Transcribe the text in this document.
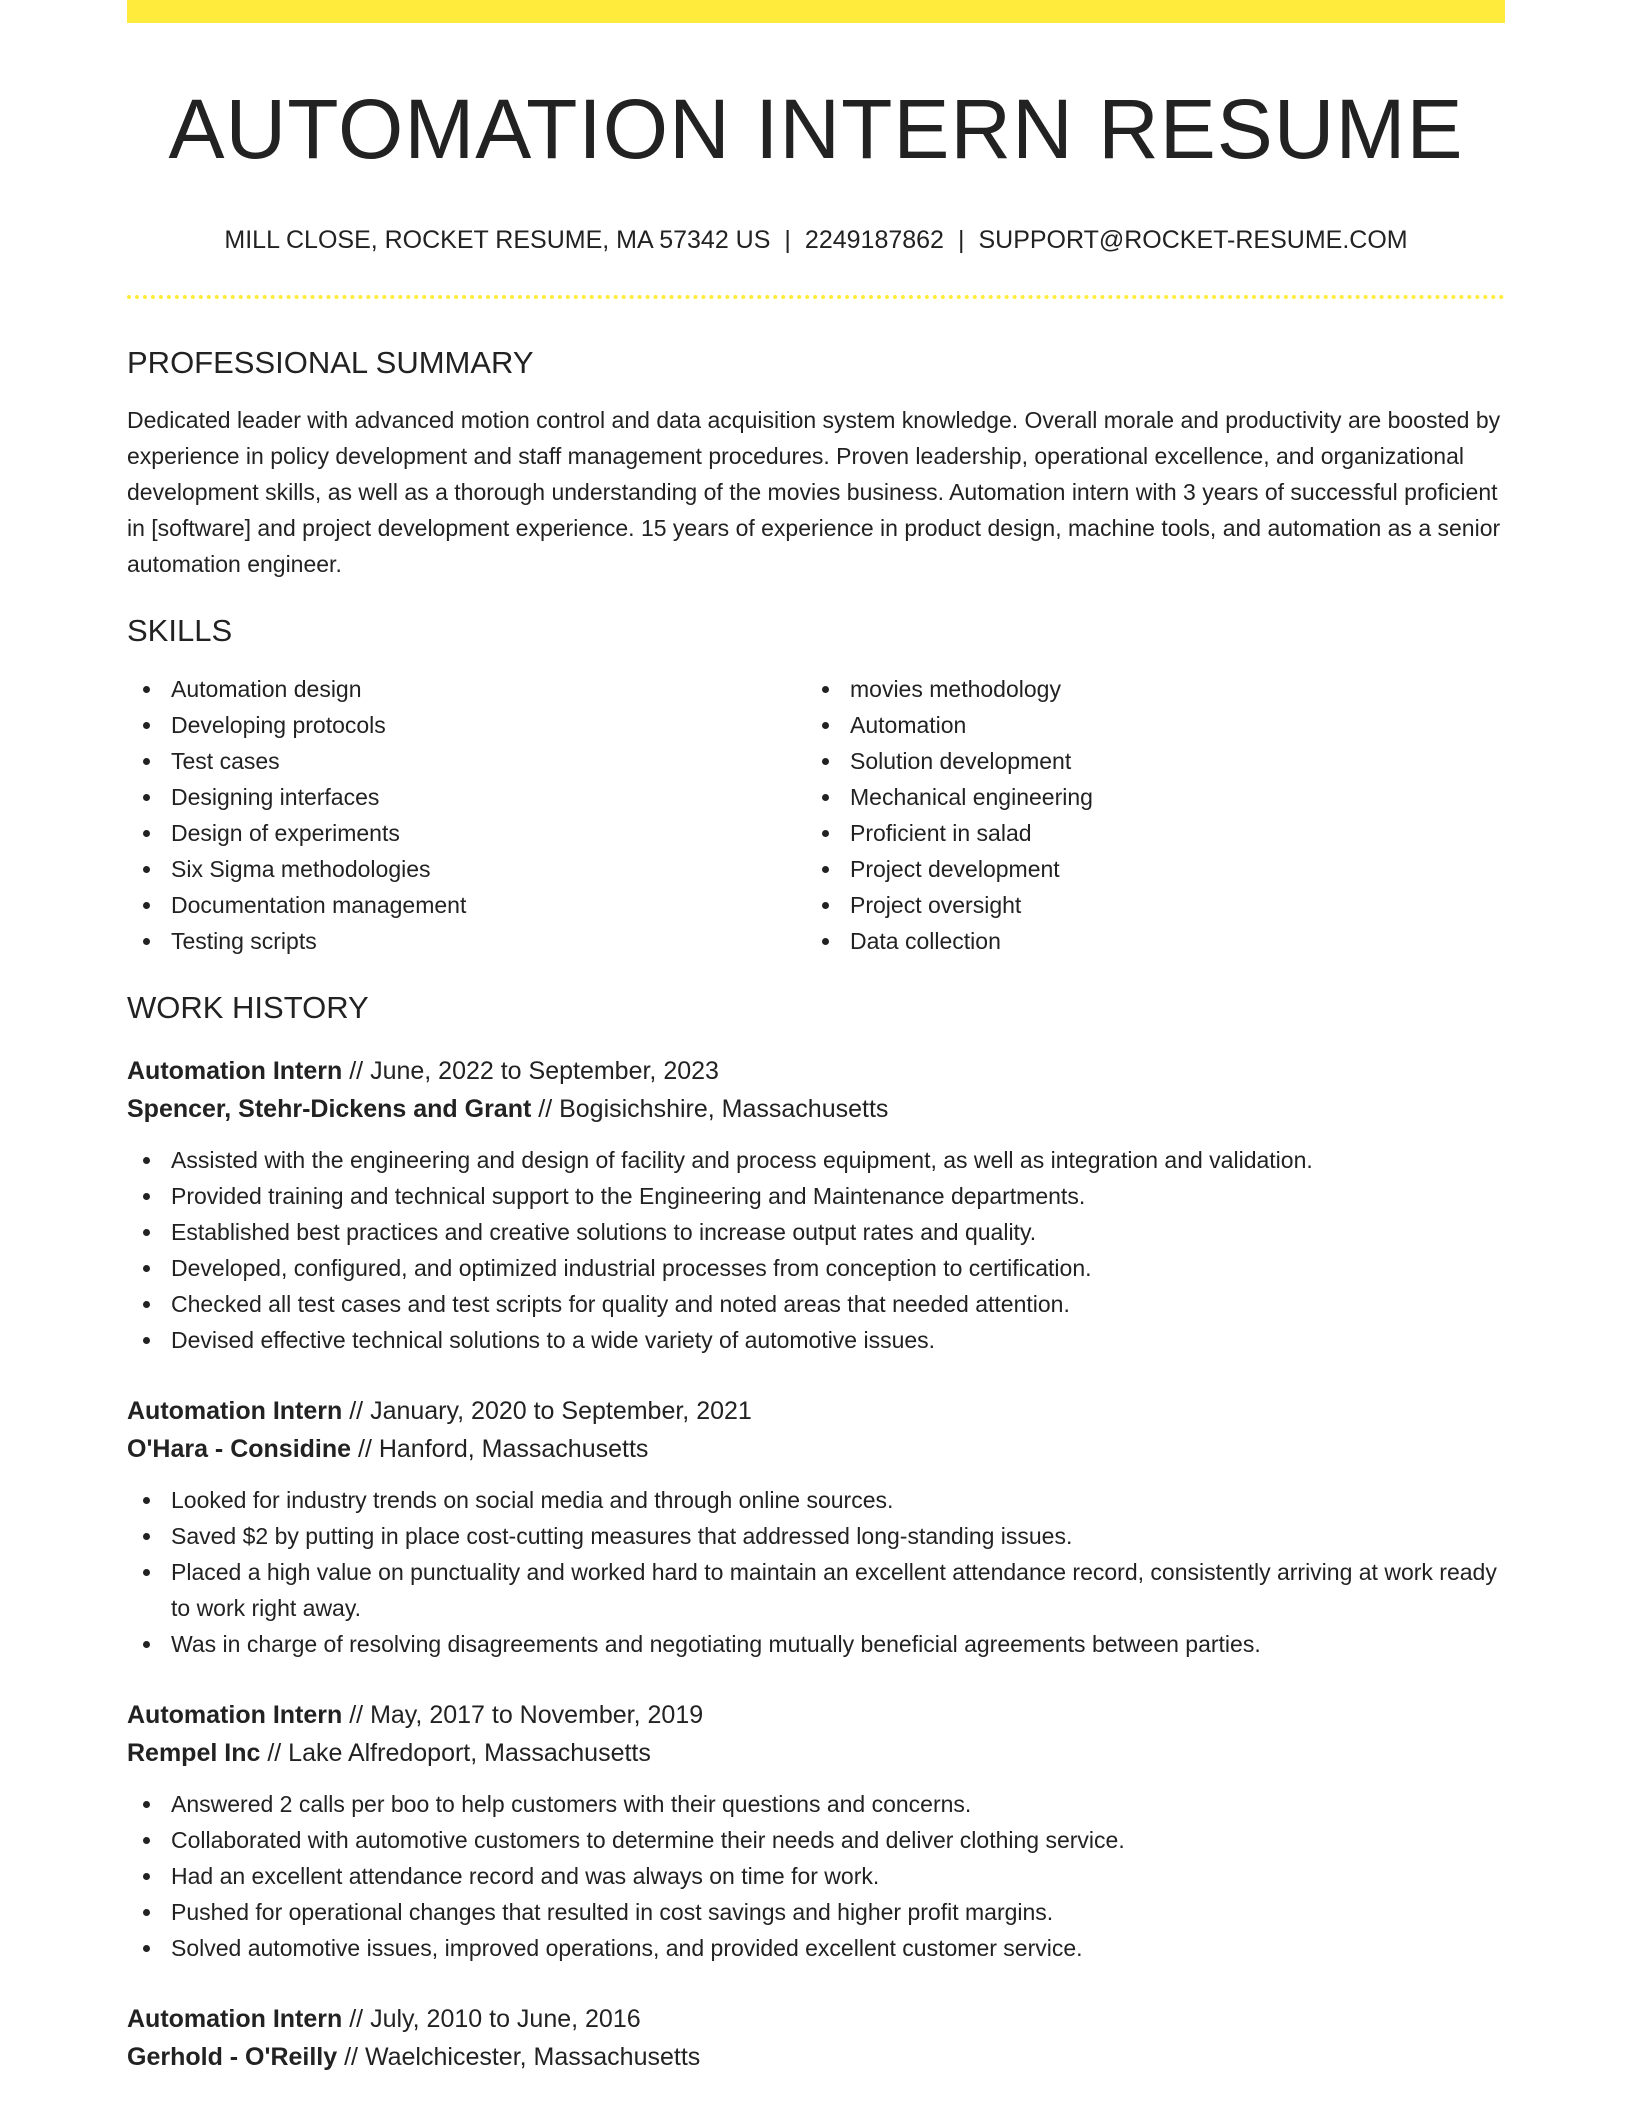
AUTOMATION INTERN RESUME
MILL CLOSE, ROCKET RESUME, MA 57342 US | 2249187862 | SUPPORT@ROCKET-RESUME.COM
PROFESSIONAL SUMMARY

Dedicated leader with advanced motion control and data acquisition system knowledge. Overall morale and productivity are boosted by experience in policy development and staff management procedures. Proven leadership, operational excellence, and organizational development skills, as well as a thorough understanding of the movies business. Automation intern with 3 years of successful proficient in [software] and project development experience. 15 years of experience in product design, machine tools, and automation as a senior automation engineer.

SKILLS
Automation design
Developing protocols
Test cases
Designing interfaces
Design of experiments
Six Sigma methodologies
Documentation management
Testing scripts
movies methodology
Automation
Solution development
Mechanical engineering
Proficient in salad
Project development
Project oversight
Data collection
WORK HISTORY
Automation Intern // June, 2022 to September, 2023
Spencer, Stehr-Dickens and Grant // Bogisichshire, Massachusetts
Assisted with the engineering and design of facility and process equipment, as well as integration and validation.
Provided training and technical support to the Engineering and Maintenance departments.
Established best practices and creative solutions to increase output rates and quality.
Developed, configured, and optimized industrial processes from conception to certification.
Checked all test cases and test scripts for quality and noted areas that needed attention.
Devised effective technical solutions to a wide variety of automotive issues.
Automation Intern // January, 2020 to September, 2021
O'Hara - Considine // Hanford, Massachusetts
Looked for industry trends on social media and through online sources.
Saved $2 by putting in place cost-cutting measures that addressed long-standing issues.
Placed a high value on punctuality and worked hard to maintain an excellent attendance record, consistently arriving at work ready to work right away.
Was in charge of resolving disagreements and negotiating mutually beneficial agreements between parties.
Automation Intern // May, 2017 to November, 2019
Rempel Inc // Lake Alfredoport, Massachusetts
Answered 2 calls per boo to help customers with their questions and concerns.
Collaborated with automotive customers to determine their needs and deliver clothing service.
Had an excellent attendance record and was always on time for work.
Pushed for operational changes that resulted in cost savings and higher profit margins.
Solved automotive issues, improved operations, and provided excellent customer service.
Automation Intern // July, 2010 to June, 2016
Gerhold - O'Reilly // Waelchicester, Massachusetts
